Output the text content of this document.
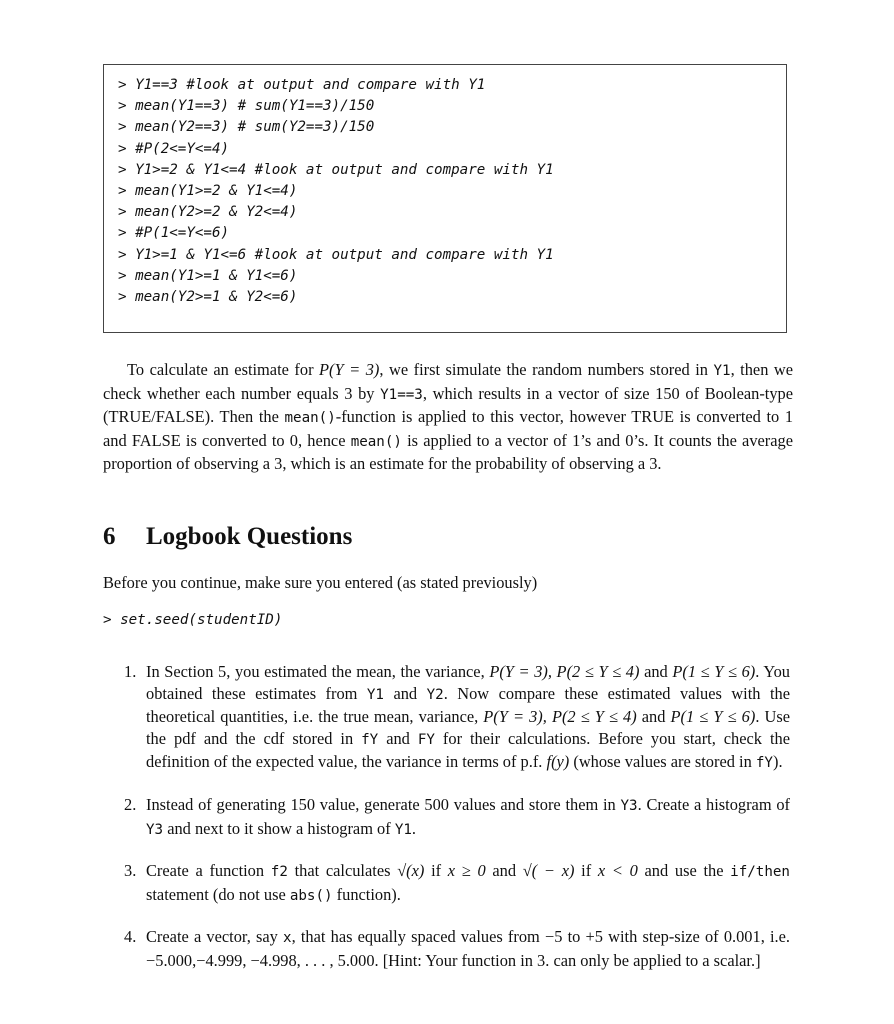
> Y1==3 #look at output and compare with Y1
> mean(Y1==3) # sum(Y1==3)/150
> mean(Y2==3) # sum(Y2==3)/150
> #P(2<=Y<=4)
> Y1>=2 & Y1<=4 #look at output and compare with Y1
> mean(Y1>=2 & Y1<=4)
> mean(Y2>=2 & Y2<=4)
> #P(1<=Y<=6)
> Y1>=1 & Y1<=6 #look at output and compare with Y1
> mean(Y1>=1 & Y1<=6)
> mean(Y2>=1 & Y2<=6)

To calculate an estimate for P(Y = 3), we first simulate the random numbers stored in Y1, then we check whether each number equals 3 by Y1==3, which results in a vector of size 150 of Boolean-type (TRUE/FALSE). Then the mean()-function is applied to this vector, however TRUE is converted to 1 and FALSE is converted to 0, hence mean() is applied to a vector of 1’s and 0’s. It counts the average proportion of observing a 3, which is an estimate for the probability of observing a 3.

6 Logbook Questions
Before you continue, make sure you entered (as stated previously)
> set.seed(studentID)
1. In Section 5, you estimated the mean, the variance, P(Y = 3), P(2 ≤ Y ≤ 4) and P(1 ≤ Y ≤ 6). You obtained these estimates from Y1 and Y2. Now compare these estimated values with the theoretical quantities, i.e. the true mean, variance, P(Y = 3), P(2 ≤ Y ≤ 4) and P(1 ≤ Y ≤ 6). Use the pdf and the cdf stored in fY and FY for their calculations. Before you start, check the definition of the expected value, the variance in terms of p.f. f(y) (whose values are stored in fY).
2. Instead of generating 150 value, generate 500 values and store them in Y3. Create a histogram of Y3 and next to it show a histogram of Y1.
3. Create a function f2 that calculates √(x) if x ≥ 0 and √( − x) if x < 0 and use the if/then statement (do not use abs() function).
4. Create a vector, say x, that has equally spaced values from −5 to +5 with step-size of 0.001, i.e. −5.000,−4.999, −4.998, . . . , 5.000. [Hint: Your function in 3. can only be applied to a scalar.]
